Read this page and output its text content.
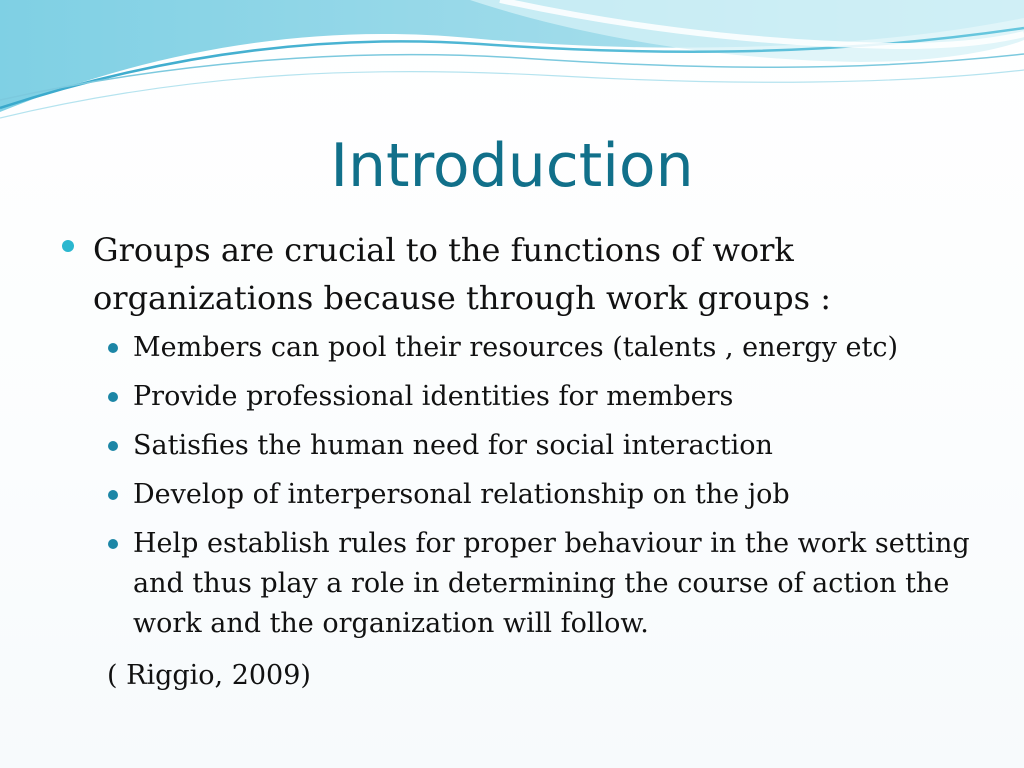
Introduction
Groups are crucial to the functions of work organizations because through work groups :
Members can pool their resources (talents , energy etc)
Provide professional identities for members
Satisfies the human need for social interaction
Develop of interpersonal relationship on the job
Help establish rules for proper behaviour in the work setting and thus play a role in determining the course of action the work and the organization will follow.
( Riggio, 2009)
